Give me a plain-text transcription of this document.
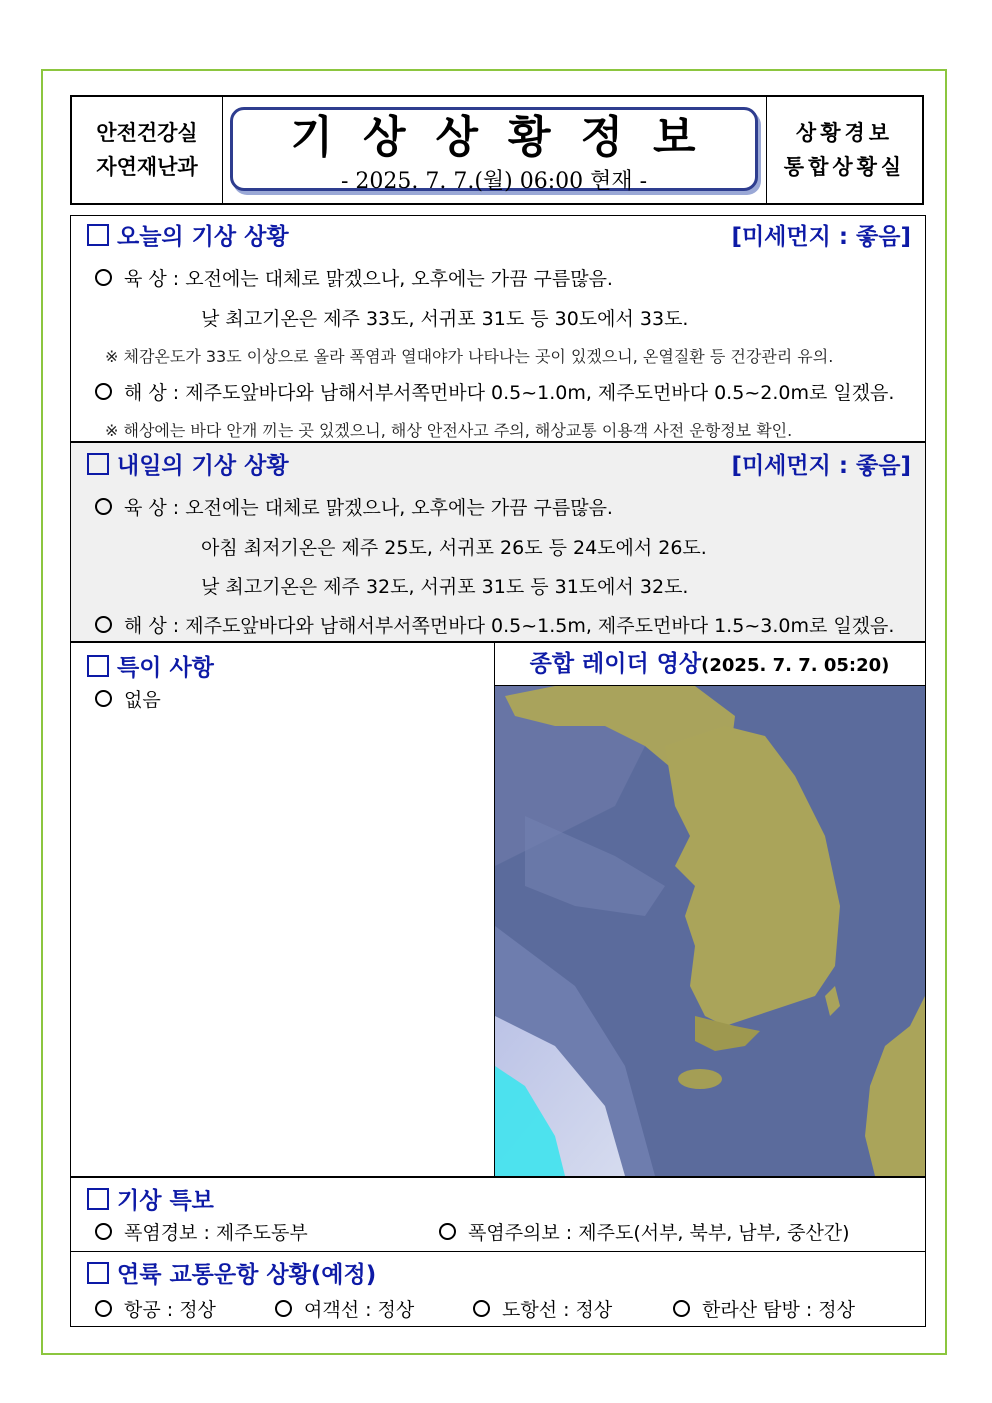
안전건강실
자연재난과
기상상황정보
- 2025. 7. 7.(월) 06:00 현재 -
상황경보
통합상황실
오늘의 기상 상황	[미세먼지 : 좋음]
육 상 : 오전에는 대체로 맑겠으나, 오후에는 가끔 구름많음.
낮 최고기온은 제주 33도, 서귀포 31도 등 30도에서 33도.
※ 체감온도가 33도 이상으로 올라 폭염과 열대야가 나타나는 곳이 있겠으니, 온열질환 등 건강관리 유의.
해 상 : 제주도앞바다와 남해서부서쪽먼바다 0.5~1.0m, 제주도먼바다 0.5~2.0m로 일겠음.
※ 해상에는 바다 안개 끼는 곳 있겠으니, 해상 안전사고 주의, 해상교통 이용객 사전 운항정보 확인.
내일의 기상 상황	[미세먼지 : 좋음]
육 상 : 오전에는 대체로 맑겠으나, 오후에는 가끔 구름많음.
아침 최저기온은 제주 25도, 서귀포 26도 등 24도에서 26도.
낮 최고기온은 제주 32도, 서귀포 31도 등 31도에서 32도.
해 상 : 제주도앞바다와 남해서부서쪽먼바다 0.5~1.5m, 제주도먼바다 1.5~3.0m로 일겠음.
특이 사항
없음
종합 레이더 영상(2025. 7. 7. 05:20)
기상 특보
폭염경보 : 제주도동부	폭염주의보 : 제주도(서부, 북부, 남부, 중산간)
연륙 교통운항 상황(예정)
항공 : 정상	여객선 : 정상	도항선 : 정상	한라산 탐방 : 정상
